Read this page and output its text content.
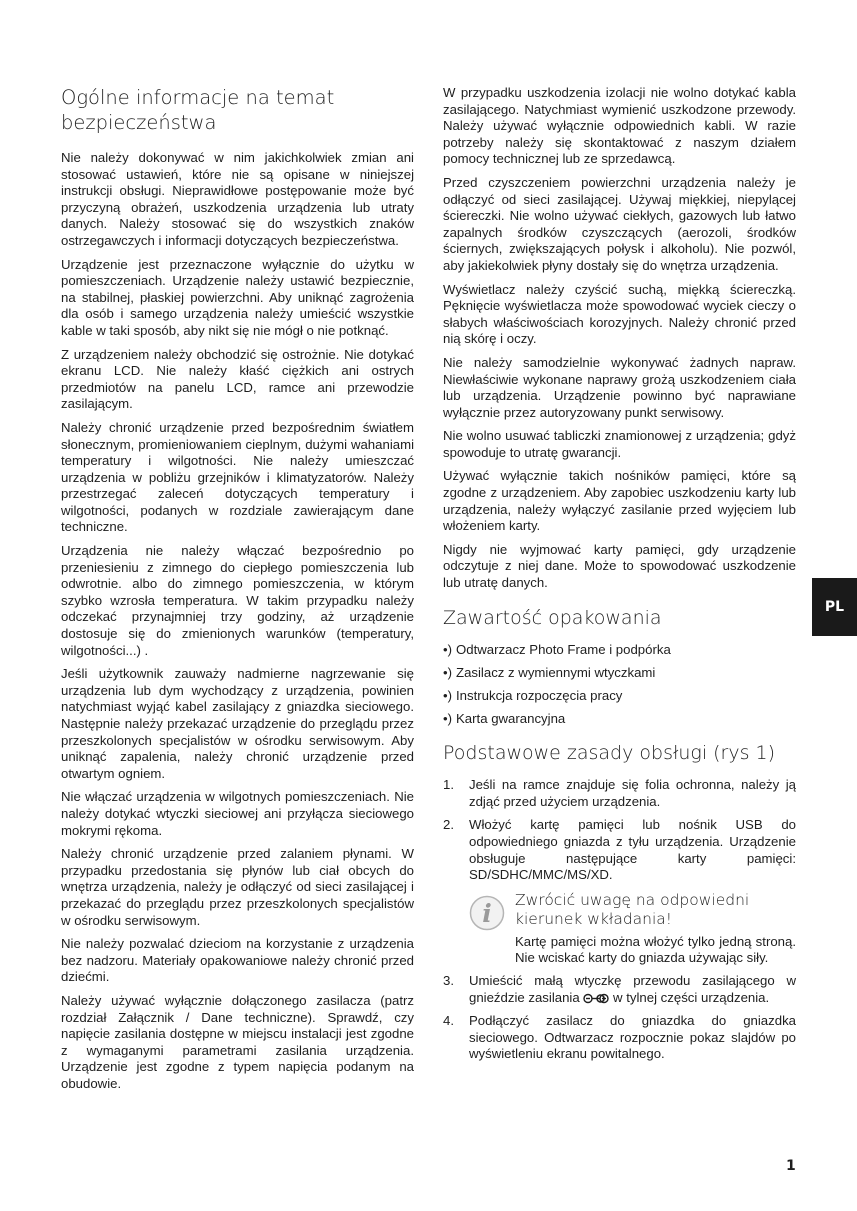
Ogólne informacje na temat bezpieczeństwa

Nie należy dokonywać w nim jakichkolwiek zmian ani stosować ustawień, które nie są opisane w niniejszej instrukcji obsługi. Nieprawidłowe postępowanie może być przyczyną obrażeń, uszkodzenia urządzenia lub utraty danych. Należy stosować się do wszystkich znaków ostrzegawczych i informacji dotyczących bezpieczeństwa.

Urządzenie jest przeznaczone wyłącznie do użytku w pomieszczeniach. Urządzenie należy ustawić bezpiecznie, na stabilnej, płaskiej powierzchni. Aby uniknąć zagrożenia dla osób i samego urządzenia należy umieścić wszystkie kable w taki sposób, aby nikt się nie mógł o nie potknąć.

Z urządzeniem należy obchodzić się ostrożnie. Nie dotykać ekranu LCD. Nie należy kłaść ciężkich ani ostrych przedmiotów na panelu LCD, ramce ani przewodzie zasilającym.

Należy chronić urządzenie przed bezpośrednim światłem słonecznym, promieniowaniem cieplnym, dużymi wahaniami temperatury i wilgotności. Nie należy umieszczać urządzenia w pobliżu grzejników i klimatyzatorów. Należy przestrzegać zaleceń dotyczących temperatury i wilgotności, podanych w rozdziale zawierającym dane techniczne.

Urządzenia nie należy włączać bezpośrednio po przeniesieniu z zimnego do ciepłego pomieszczenia lub odwrotnie. albo do zimnego pomieszczenia, w którym szybko wzrosła temperatura. W takim przypadku należy odczekać przynajmniej trzy godziny, aż urządzenie dostosuje się do zmienionych warunków (temperatury, wilgotności...) .

Jeśli użytkownik zauważy nadmierne nagrzewanie się urządzenia lub dym wychodzący z urządzenia, powinien natychmiast wyjąć kabel zasilający z gniazdka sieciowego. Następnie należy przekazać urządzenie do przeglądu przez przeszkolonych specjalistów w ośrodku serwisowym. Aby uniknąć zapalenia, należy chronić urządzenie przed otwartym ogniem.

Nie włączać urządzenia w wilgotnych pomieszczeniach. Nie należy dotykać wtyczki sieciowej ani przyłącza sieciowego mokrymi rękoma.

Należy chronić urządzenie przed zalaniem płynami. W przypadku przedostania się płynów lub ciał obcych do wnętrza urządzenia, należy je odłączyć od sieci zasilającej i przekazać do przeglądu przez przeszkolonych specjalistów w ośrodku serwisowym.

Nie należy pozwalać dzieciom na korzystanie z urządzenia bez nadzoru. Materiały opakowaniowe należy chronić przed dziećmi.

Należy używać wyłącznie dołączonego zasilacza (patrz rozdział Załącznik / Dane techniczne). Sprawdź, czy napięcie zasilania dostępne w miejscu instalacji jest zgodne z wymaganymi parametrami zasilania urządzenia. Urządzenie jest zgodne z typem napięcia podanym na obudowie.

W przypadku uszkodzenia izolacji nie wolno dotykać kabla zasilającego. Natychmiast wymienić uszkodzone przewody. Należy używać wyłącznie odpowiednich kabli. W razie potrzeby należy się skontaktować z naszym działem pomocy technicznej lub ze sprzedawcą.

Przed czyszczeniem powierzchni urządzenia należy je odłączyć od sieci zasilającej. Używaj miękkiej, niepylącej ściereczki. Nie wolno używać ciekłych, gazowych lub łatwo zapalnych środków czyszczących (aerozoli, środków ściernych, zwiększających połysk i alkoholu). Nie pozwól, aby jakiekolwiek płyny dostały się do wnętrza urządzenia.

Wyświetlacz należy czyścić suchą, miękką ściereczką. Pęknięcie wyświetlacza może spowodować wyciek cieczy o słabych właściwościach korozyjnych. Należy chronić przed nią skórę i oczy.

Nie należy samodzielnie wykonywać żadnych napraw. Niewłaściwie wykonane naprawy grożą uszkodzeniem ciała lub urządzenia. Urządzenie powinno być naprawiane wyłącznie przez autoryzowany punkt serwisowy.

Nie wolno usuwać tabliczki znamionowej z urządzenia; gdyż spowoduje to utratę gwarancji.

Używać wyłącznie takich nośników pamięci, które są zgodne z urządzeniem. Aby zapobiec uszkodzeniu karty lub urządzenia, należy wyłączyć zasilanie przed wyjęciem lub włożeniem karty.

Nigdy nie wyjmować karty pamięci, gdy urządzenie odczytuje z niej dane. Może to spowodować uszkodzenie lub utratę danych.

Zawartość opakowania
•) Odtwarzacz Photo Frame i podpórka
•) Zasilacz z wymiennymi wtyczkami
•) Instrukcja rozpoczęcia pracy
•) Karta gwarancyjna
Podstawowe zasady obsługi (rys 1)
1.	Jeśli na ramce znajduje się folia ochronna, należy ją zdjąć przed użyciem urządzenia.
2.	Włożyć kartę pamięci lub nośnik USB do odpowiedniego gniazda z tyłu urządzenia. Urządzenie obsługuje następujące karty pamięci: SD/SDHC/MMC/MS/XD.
i Zwrócić uwagę na odpowiedni kierunek wkładania!
Kartę pamięci można włożyć tylko jedną stroną. Nie wciskać karty do gniazda używając siły.
3.	Umieścić małą wtyczkę przewodu zasilającego w gnieździe zasilania	w tylnej części urządzenia.
4.	Podłączyć zasilacz do gniazdka do gniazdka sieciowego. Odtwarzacz rozpocznie pokaz slajdów po wyświetleniu ekranu powitalnego.
PL
1
